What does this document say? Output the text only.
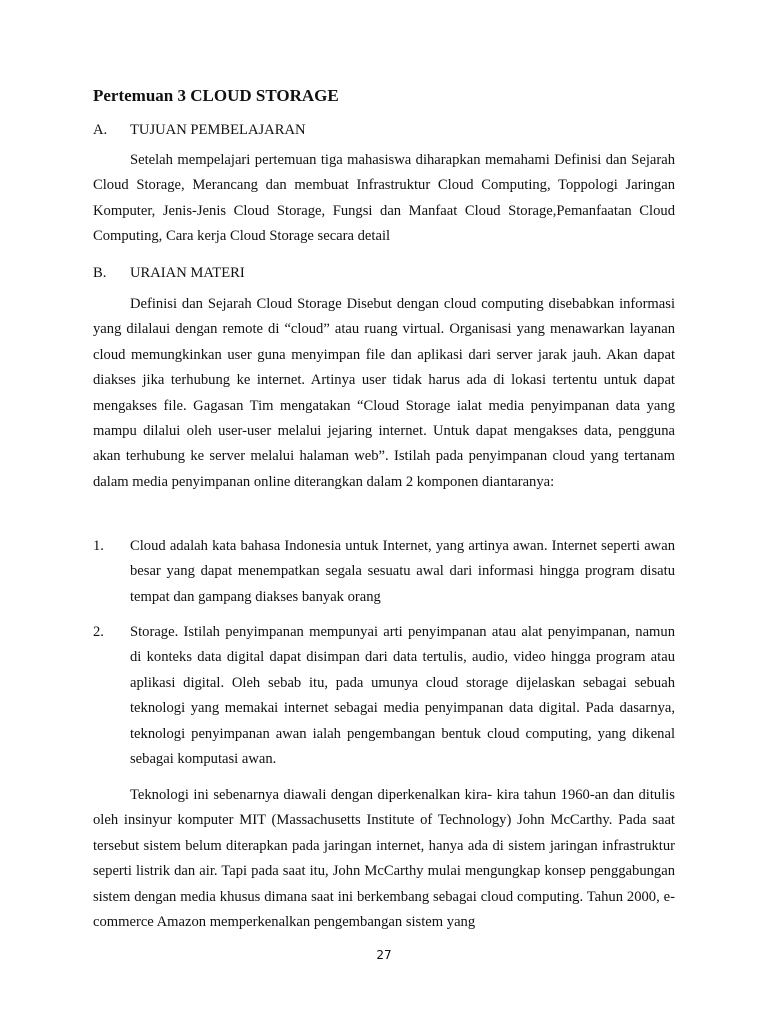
Pertemuan 3 CLOUD STORAGE
A. TUJUAN PEMBELAJARAN

Setelah mempelajari pertemuan tiga mahasiswa diharapkan memahami Definisi dan Sejarah Cloud Storage, Merancang dan membuat Infrastruktur Cloud Computing, Toppologi Jaringan Komputer, Jenis-Jenis Cloud Storage, Fungsi dan Manfaat Cloud Storage,Pemanfaatan Cloud Computing, Cara kerja Cloud Storage secara detail

B. URAIAN MATERI

Definisi dan Sejarah Cloud Storage Disebut dengan cloud computing disebabkan informasi yang dilalaui dengan remote di “cloud” atau ruang virtual. Organisasi yang menawarkan layanan cloud memungkinkan user guna menyimpan file dan aplikasi dari server jarak jauh. Akan dapat diakses jika terhubung ke internet. Artinya user tidak harus ada di lokasi tertentu untuk dapat mengakses file. Gagasan Tim mengatakan “Cloud Storage ialat media penyimpanan data yang mampu dilalui oleh user-user melalui jejaring internet. Untuk dapat mengakses data, pengguna akan terhubung ke server melalui halaman web”. Istilah pada penyimpanan cloud yang tertanam dalam media penyimpanan online diterangkan dalam 2 komponen diantaranya:

1. Cloud adalah kata bahasa Indonesia untuk Internet, yang artinya awan. Internet seperti awan besar yang dapat menempatkan segala sesuatu awal dari informasi hingga program disatu tempat dan gampang diakses banyak orang

2. Storage. Istilah penyimpanan mempunyai arti penyimpanan atau alat penyimpanan, namun di konteks data digital dapat disimpan dari data tertulis, audio, video hingga program atau aplikasi digital. Oleh sebab itu, pada umunya cloud storage dijelaskan sebagai sebuah teknologi yang memakai internet sebagai media penyimpanan data digital. Pada dasarnya, teknologi penyimpanan awan ialah pengembangan bentuk cloud computing, yang dikenal sebagai komputasi awan.

Teknologi ini sebenarnya diawali dengan diperkenalkan kira- kira tahun 1960-an dan ditulis oleh insinyur komputer MIT (Massachusetts Institute of Technology) John McCarthy. Pada saat tersebut sistem belum diterapkan pada jaringan internet, hanya ada di sistem jaringan infrastruktur seperti listrik dan air. Tapi pada saat itu, John McCarthy mulai mengungkap konsep penggabungan sistem dengan media khusus dimana saat ini berkembang sebagai cloud computing. Tahun 2000, e-commerce Amazon memperkenalkan pengembangan sistem yang

27
